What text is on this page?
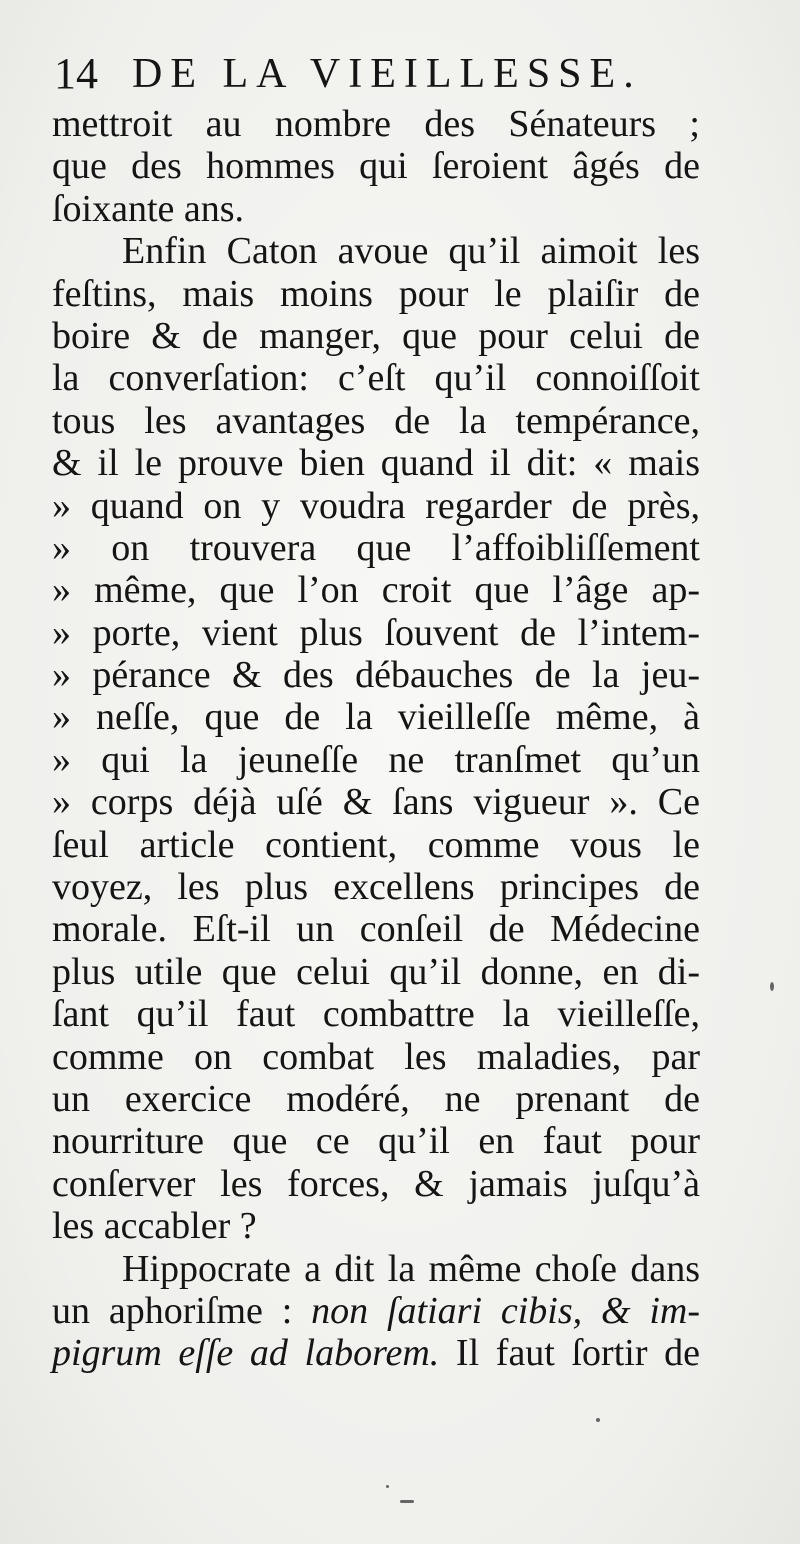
14 DE LA VIEILLESSE.
mettroit au nombre des Sénateurs ;
que des hommes qui ſeroient âgés de
ſoixante ans.
Enfin Caton avoue qu’il aimoit les
feſtins, mais moins pour le plaiſir de
boire & de manger, que pour celui de
la converſation: c’eſt qu’il connoiſſoit
tous les avantages de la tempérance,
& il le prouve bien quand il dit: « mais
» quand on y voudra regarder de près,
» on trouvera que l’affoibliſſement
» même, que l’on croit que l’âge ap-
» porte, vient plus ſouvent de l’intem-
» pérance & des débauches de la jeu-
» neſſe, que de la vieilleſſe même, à
» qui la jeuneſſe ne tranſmet qu’un
» corps déjà uſé & ſans vigueur ». Ce
ſeul article contient, comme vous le
voyez, les plus excellens principes de
morale. Eſt-il un conſeil de Médecine
plus utile que celui qu’il donne, en di-
ſant qu’il faut combattre la vieilleſſe,
comme on combat les maladies, par
un exercice modéré, ne prenant de
nourriture que ce qu’il en faut pour
conſerver les forces, & jamais juſqu’à
les accabler ?
Hippocrate a dit la même choſe dans
un aphoriſme : non ſatiari cibis, & im-
pigrum eſſe ad laborem. Il faut ſortir de
